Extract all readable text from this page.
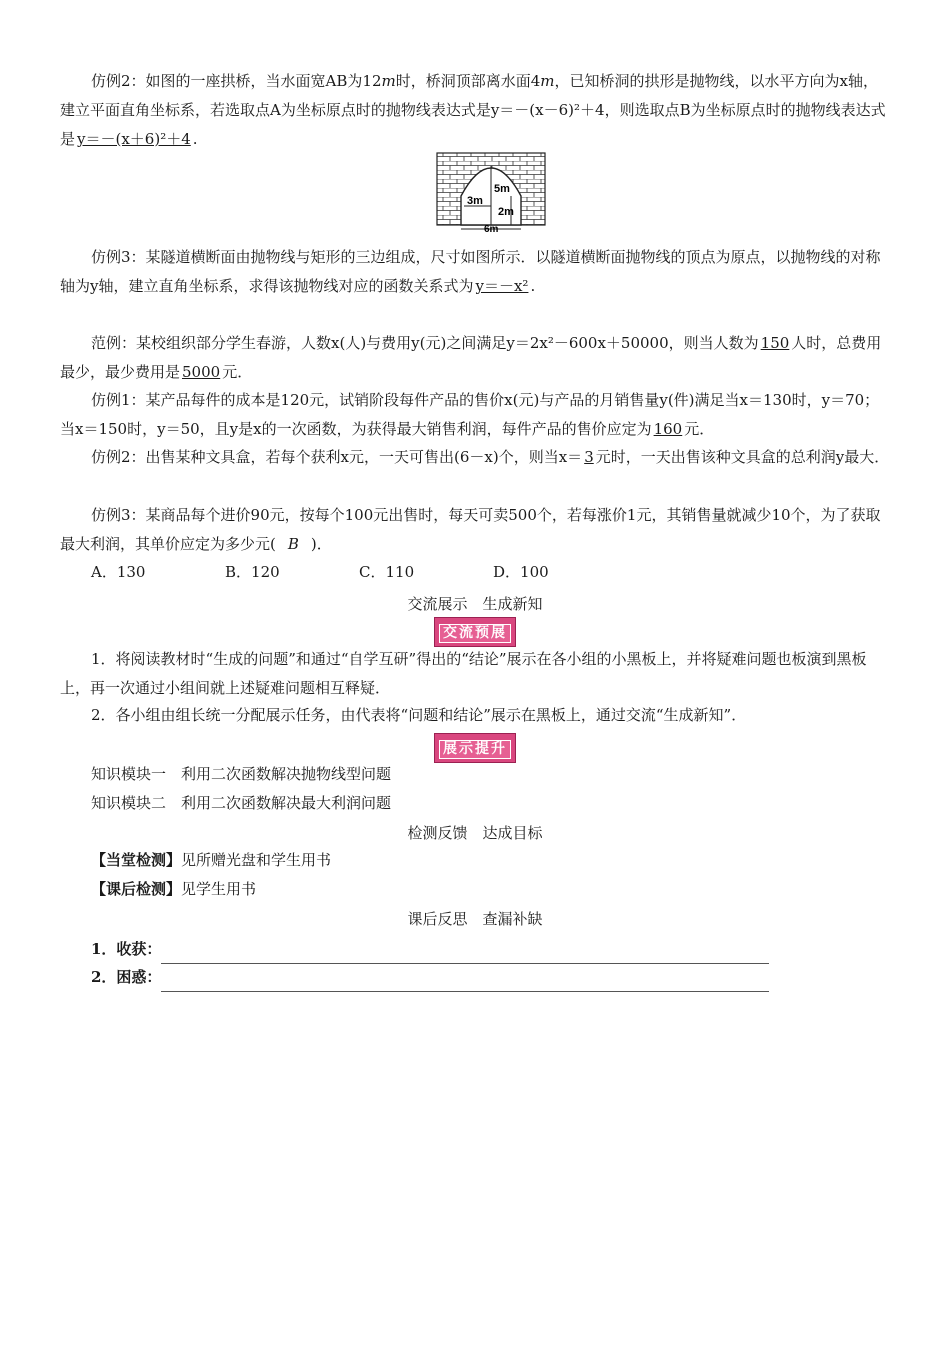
仿例2：如图的一座拱桥，当水面宽AB为12m时，桥洞顶部离水面4m，已知桥洞的拱形是抛物线，以水平方向为x轴，建立平面直角坐标系，若选取点A为坐标原点时的抛物线表达式是y＝－(x－6)²＋4，则选取点B为坐标原点时的抛物线表达式是 y＝－(x＋6)²＋4 .

5m
3m
2m
6m

仿例3：某隧道横断面由抛物线与矩形的三边组成，尺寸如图所示．以隧道横断面抛物线的顶点为原点，以抛物线的对称轴为y轴，建立直角坐标系，求得该抛物线对应的函数关系式为 y＝－x² .

范例：某校组织部分学生春游，人数x(人)与费用y(元)之间满足y＝2x²－600x＋50000，则当人数为 150 人时，总费用最少，最少费用是 5000 元．

仿例1：某产品每件的成本是120元，试销阶段每件产品的售价x(元)与产品的月销售量y(件)满足当x＝130时，y＝70；当x＝150时，y＝50，且y是x的一次函数，为获得最大销售利润，每件产品的售价应定为 160 元．

仿例2：出售某种文具盒，若每个获利x元，一天可售出(6－x)个，则当x＝ 3 元时，一天出售该种文具盒的总利润y最大．

仿例3：某商品每个进价90元，按每个100元出售时，每天可卖500个，若每涨价1元，其销售量就减少10个，为了获取最大利润，其单价应定为多少元( B )．

A．130	B．120	C．110	D．100
交流展示　生成新知
交流预展

1．将阅读教材时“生成的问题”和通过“自学互研”得出的“结论”展示在各小组的小黑板上，并将疑难问题也板演到黑板上，再一次通过小组间就上述疑难问题相互释疑．

2．各小组由组长统一分配展示任务，由代表将“问题和结论”展示在黑板上，通过交流“生成新知”．

展示提升

知识模块一　利用二次函数解决抛物线型问题

知识模块二　利用二次函数解决最大利润问题

检测反馈　达成目标

【当堂检测】见所赠光盘和学生用书

【课后检测】见学生用书

课后反思　查漏补缺

1．收获：

2．困惑：
